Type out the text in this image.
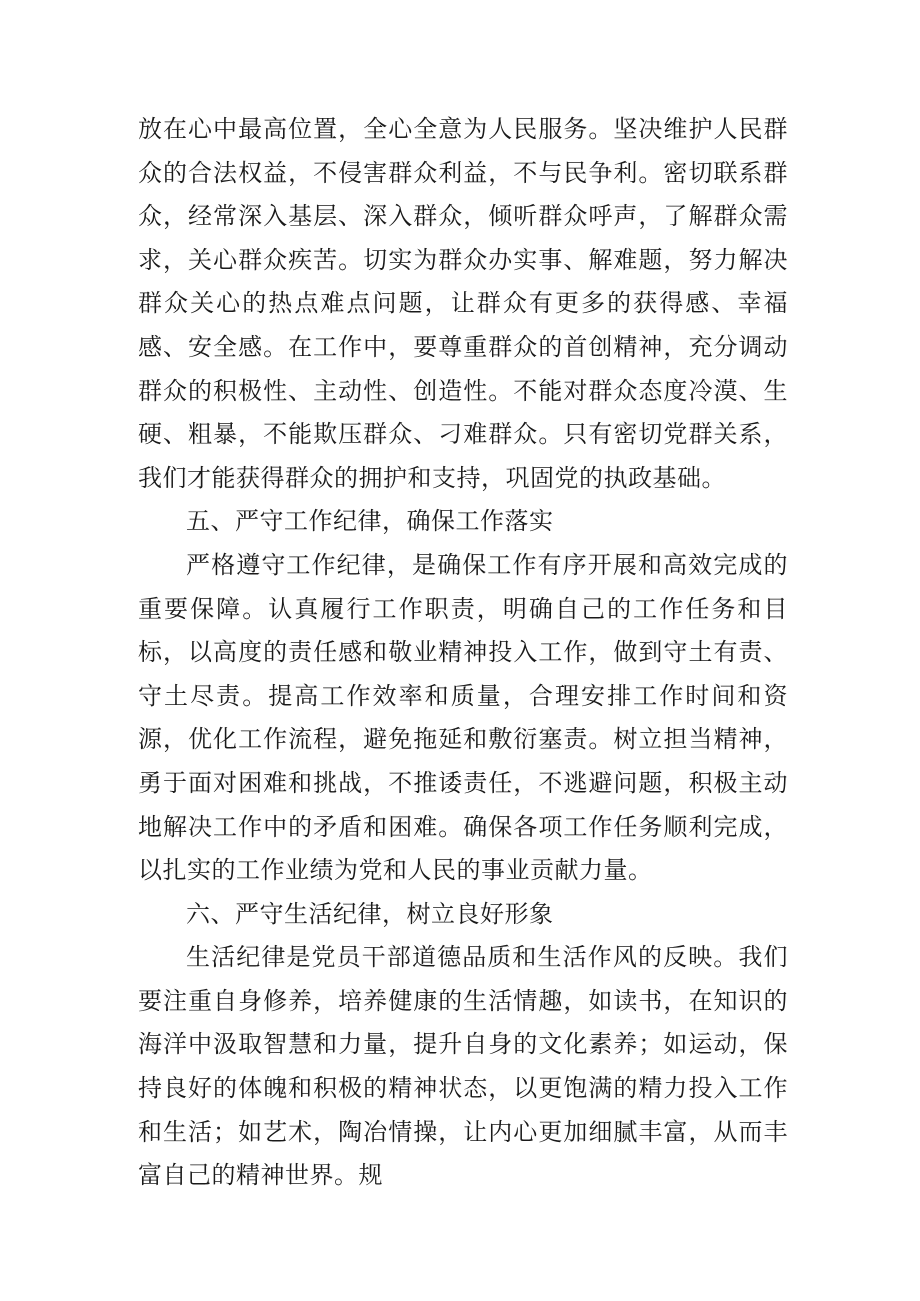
放在心中最高位置，全心全意为人民服务。坚决维护人民群众的合法权益，不侵害群众利益，不与民争利。密切联系群众，经常深入基层、深入群众，倾听群众呼声，了解群众需求，关心群众疾苦。切实为群众办实事、解难题，努力解决群众关心的热点难点问题，让群众有更多的获得感、幸福感、安全感。在工作中，要尊重群众的首创精神，充分调动群众的积极性、主动性、创造性。不能对群众态度冷漠、生硬、粗暴，不能欺压群众、刁难群众。只有密切党群关系，我们才能获得群众的拥护和支持，巩固党的执政基础。

五、严守工作纪律，确保工作落实

严格遵守工作纪律，是确保工作有序开展和高效完成的重要保障。认真履行工作职责，明确自己的工作任务和目标，以高度的责任感和敬业精神投入工作，做到守土有责、守土尽责。提高工作效率和质量，合理安排工作时间和资源，优化工作流程，避免拖延和敷衍塞责。树立担当精神，勇于面对困难和挑战，不推诿责任，不逃避问题，积极主动地解决工作中的矛盾和困难。确保各项工作任务顺利完成，以扎实的工作业绩为党和人民的事业贡献力量。

六、严守生活纪律，树立良好形象

生活纪律是党员干部道德品质和生活作风的反映。我们要注重自身修养，培养健康的生活情趣，如读书，在知识的海洋中汲取智慧和力量，提升自身的文化素养；如运动，保持良好的体魄和积极的精神状态，以更饱满的精力投入工作和生活；如艺术，陶冶情操，让内心更加细腻丰富，从而丰富自己的精神世界。规
